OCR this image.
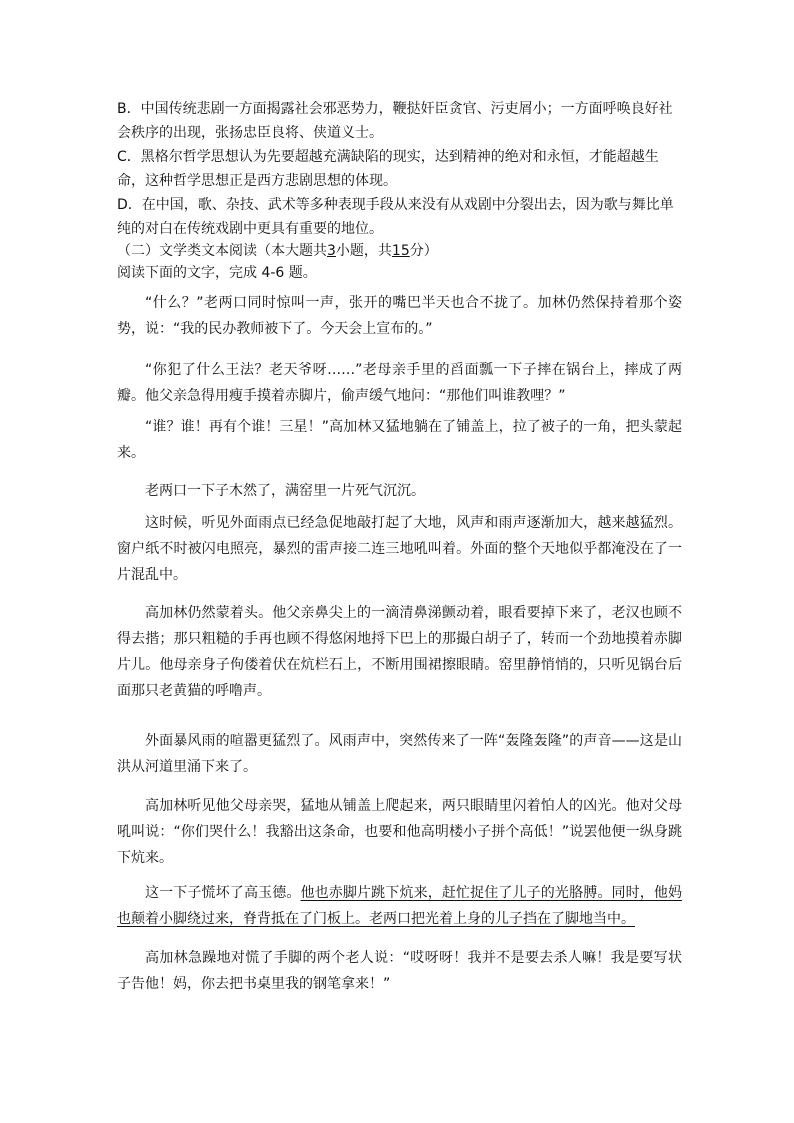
B．中国传统悲剧一方面揭露社会邪恶势力，鞭挞奸臣贪官、污吏屑小；一方面呼唤良好社会秩序的出现，张扬忠臣良将、侠道义士。

C．黑格尔哲学思想认为先要超越充满缺陷的现实，达到精神的绝对和永恒，才能超越生命，这种哲学思想正是西方悲剧思想的体现。

D．在中国，歌、杂技、武术等多种表现手段从来没有从戏剧中分裂出去，因为歌与舞比单纯的对白在传统戏剧中更具有重要的地位。

（二）文学类文本阅读（本大题共3小题，共15分）

阅读下面的文字，完成 4-6 题。

“什么？”老两口同时惊叫一声，张开的嘴巴半天也合不拢了。加林仍然保持着那个姿势，说：“我的民办教师被下了。今天会上宣布的。”

“你犯了什么王法？老天爷呀……”老母亲手里的舀面瓢一下子摔在锅台上，摔成了两瓣。他父亲急得用瘦手摸着赤脚片，偷声缓气地问：“那他们叫谁教哩？”

“谁？谁！再有个谁！三星！”高加林又猛地躺在了铺盖上，拉了被子的一角，把头蒙起来。

老两口一下子木然了，满窑里一片死气沉沉。

这时候，听见外面雨点已经急促地敲打起了大地，风声和雨声逐渐加大，越来越猛烈。窗户纸不时被闪电照亮，暴烈的雷声接二连三地吼叫着。外面的整个天地似乎都淹没在了一片混乱中。

高加林仍然蒙着头。他父亲鼻尖上的一滴清鼻涕颤动着，眼看要掉下来了，老汉也顾不得去揩；那只粗糙的手再也顾不得悠闲地捋下巴上的那撮白胡子了，转而一个劲地摸着赤脚片儿。他母亲身子佝偻着伏在炕栏石上，不断用围裙擦眼睛。窑里静悄悄的，只听见锅台后面那只老黄猫的呼噜声。

外面暴风雨的喧嚣更猛烈了。风雨声中，突然传来了一阵“轰隆轰隆”的声音——这是山洪从河道里涌下来了。

高加林听见他父母亲哭，猛地从铺盖上爬起来，两只眼睛里闪着怕人的凶光。他对父母吼叫说：“你们哭什么！我豁出这条命，也要和他高明楼小子拼个高低！”说罢他便一纵身跳下炕来。

这一下子慌坏了高玉德。他也赤脚片跳下炕来，赶忙捉住了儿子的光胳膊。同时，他妈也颠着小脚绕过来，脊背抵在了门板上。老两口把光着上身的儿子挡在了脚地当中。

高加林急躁地对慌了手脚的两个老人说：“哎呀呀！我并不是要去杀人嘛！我是要写状子告他！妈，你去把书桌里我的钢笔拿来！”
